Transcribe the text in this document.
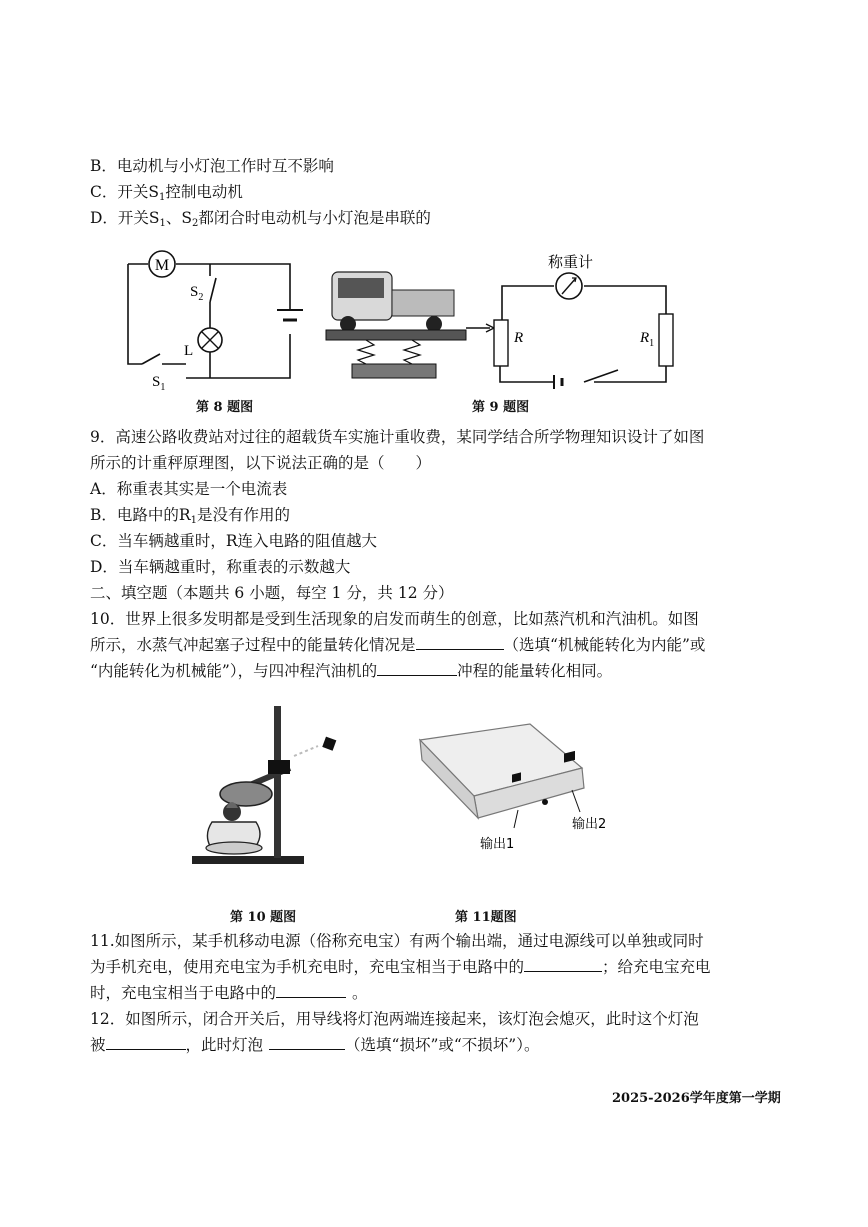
B．电动机与小灯泡工作时互不影响
C．开关$S_1$控制电动机
D．开关$S_1$、$S_2$都闭合时电动机与小灯泡是串联的
M
$S_2$
L
$S_1$
第 8 题图
称重计
R	$R_1$
第 9 题图
9．高速公路收费站对过往的超载货车实施计重收费，某同学结合所学物理知识设计了如图
所示的计重秤原理图，以下说法正确的是（　　）
A．称重表其实是一个电流表
B．电路中的$R_1$是没有作用的
C．当车辆越重时，R连入电路的阻值越大
D．当车辆越重时，称重表的示数越大
二、填空题（本题共 6 小题，每空 1 分，共 12 分）
10．世界上很多发明都是受到生活现象的启发而萌生的创意，比如蒸汽机和汽油机。如图
所示，水蒸气冲起塞子过程中的能量转化情况是	（选填“机械能转化为内能”或
“内能转化为机械能”），与四冲程汽油机的	冲程的能量转化相同。
第 10 题图
输出1
输出2
第 11题图
11.如图所示，某手机移动电源（俗称充电宝）有两个输出端，通过电源线可以单独或同时
为手机充电，使用充电宝为手机充电时，充电宝相当于电路中的	；给充电宝充电
时，充电宝相当于电路中的	。
12．如图所示，闭合开关后，用导线将灯泡两端连接起来，该灯泡会熄灭，此时这个灯泡
被	，此时灯泡	（选填“损坏”或“不损坏”）。
2025-2026学年度第一学期
